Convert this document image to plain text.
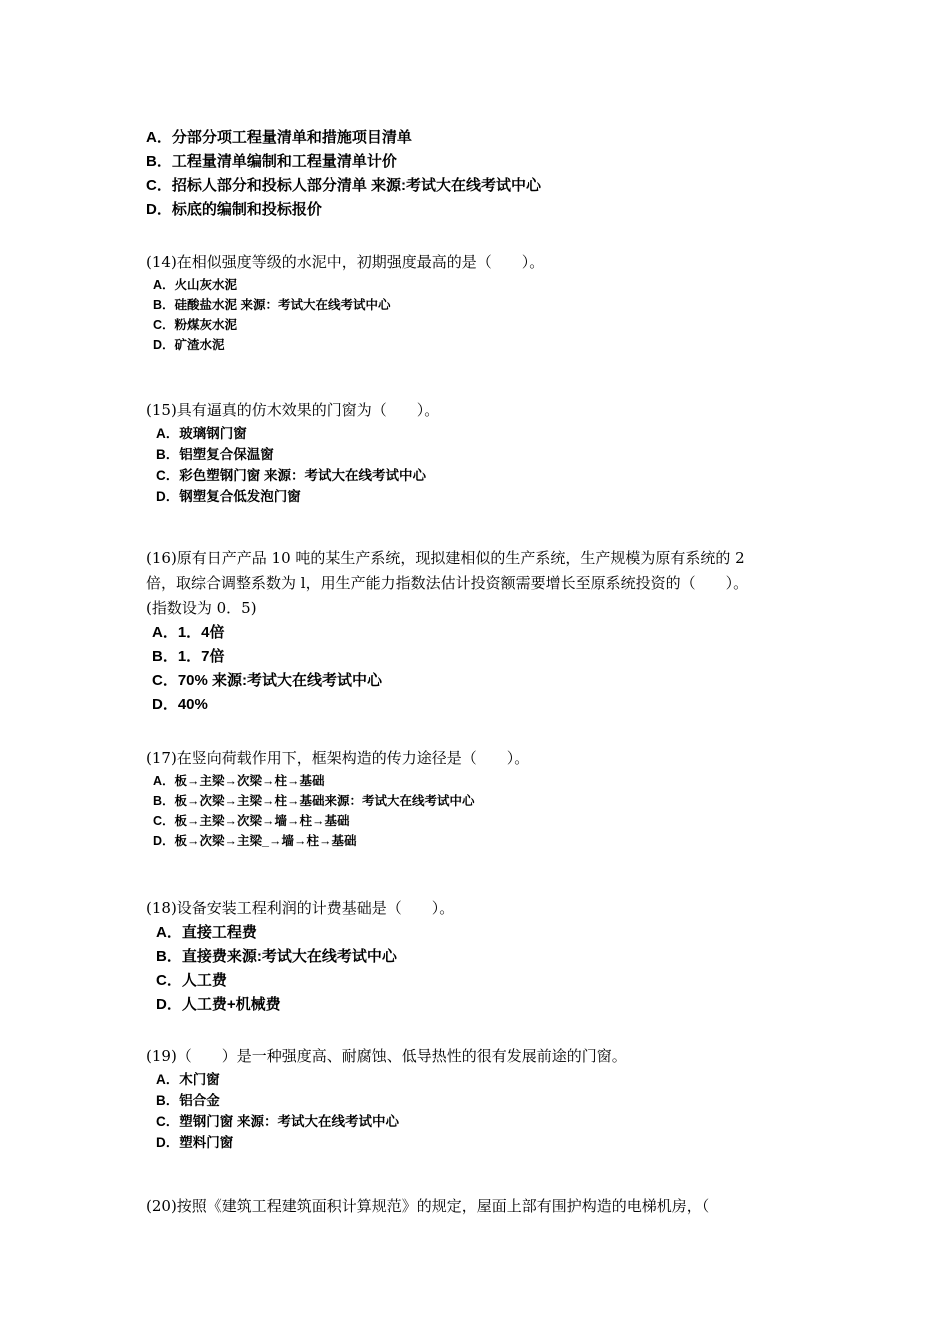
A．分部分项工程量清单和措施项目清单
B．工程量清单编制和工程量清单计价
C．招标人部分和投标人部分清单 来源:考试大在线考试中心
D．标底的编制和投标报价
(14)在相似强度等级的水泥中，初期强度最高的是（　　）。
A．火山灰水泥
B．硅酸盐水泥 来源：考试大在线考试中心
C．粉煤灰水泥
D．矿渣水泥
(15)具有逼真的仿木效果的门窗为（　　）。
A．玻璃钢门窗
B．铝塑复合保温窗
C．彩色塑钢门窗 来源：考试大在线考试中心
D．钢塑复合低发泡门窗
(16)原有日产产品 10 吨的某生产系统，现拟建相似的生产系统，生产规模为原有系统的 2
倍，取综合调整系数为 l，用生产能力指数法估计投资额需要增长至原系统投资的（　　）。
(指数设为 0．5)
A．1．4倍
B．1．7倍
C．70% 来源:考试大在线考试中心
D．40%
(17)在竖向荷载作用下，框架构造的传力途径是（　　）。
A．板→主梁→次梁→柱→基础
B．板→次梁→主梁→柱→基础来源：考试大在线考试中心
C．板→主梁→次梁→墙→柱→基础
D．板→次梁→主梁_→墙→柱→基础
(18)设备安装工程利润的计费基础是（　　）。
A．直接工程费
B．直接费来源:考试大在线考试中心
C．人工费
D．人工费+机械费
(19)（　　）是一种强度高、耐腐蚀、低导热性的很有发展前途的门窗。
A．木门窗
B．铝合金
C．塑钢门窗 来源：考试大在线考试中心
D．塑料门窗
(20)按照《建筑工程建筑面积计算规范》的规定，屋面上部有围护构造的电梯机房，（
